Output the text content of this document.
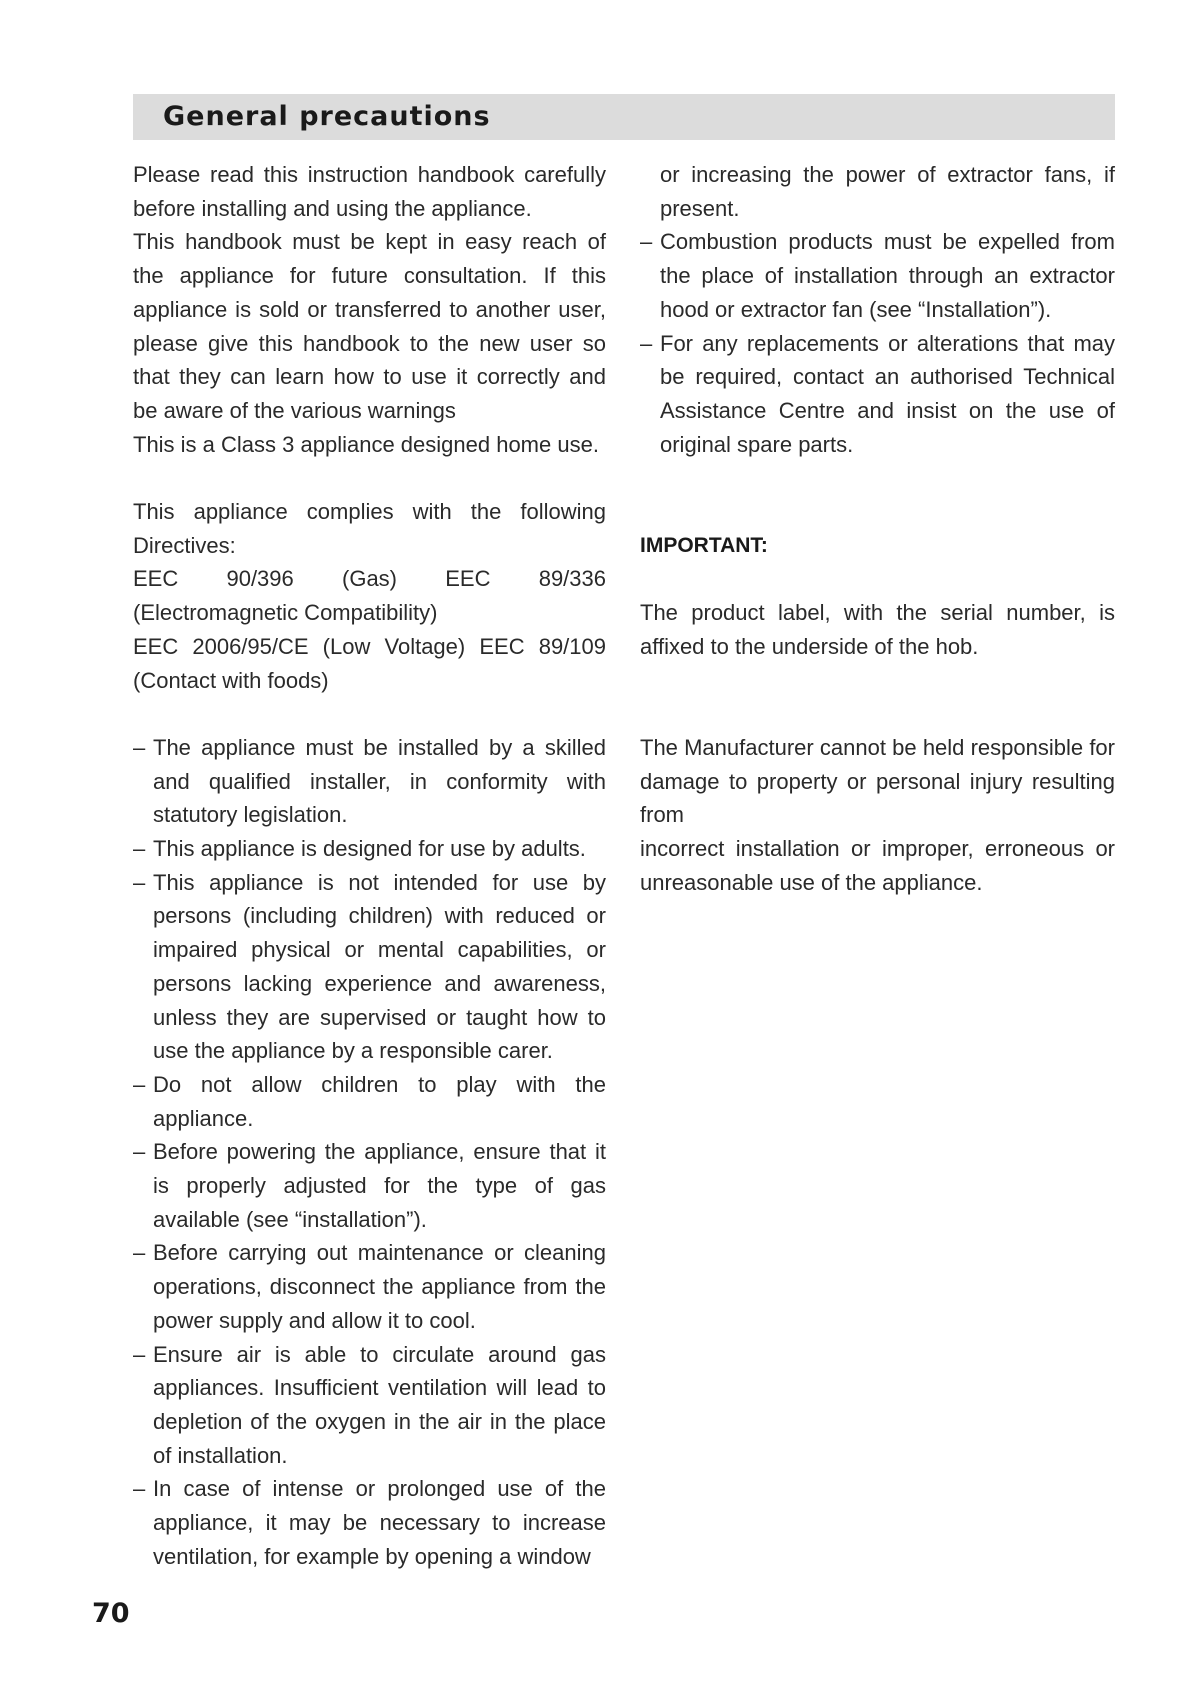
General precautions

Please read this instruction handbook carefully before installing and using the appliance.

This handbook must be kept in easy reach of the appliance for future consultation. If this appliance is sold or transferred to another user, please give this handbook to the new user so that they can learn how to use it correctly and be aware of the various warnings

This is a Class 3 appliance designed home use.

This appliance complies with the following Directives:

EEC 90/396 (Gas) EEC 89/336 (Electromagnetic Compatibility)

EEC 2006/95/CE (Low Voltage) EEC 89/109 (Contact with foods)

– The appliance must be installed by a skilled and qualified installer, in conformity with statutory legislation.

– This appliance is designed for use by adults.

– This appliance is not intended for use by persons (including children) with reduced or impaired physical or mental capabilities, or persons lacking experience and awareness, unless they are supervised or taught how to use the appliance by a responsible carer.

– Do not allow children to play with the appliance.

– Before powering the appliance, ensure that it is properly adjusted for the type of gas available (see “installation”).

– Before carrying out maintenance or cleaning operations, disconnect the appliance from the power supply and allow it to cool.

– Ensure air is able to circulate around gas appliances. Insufficient ventilation will lead to depletion of the oxygen in the air in the place of installation.

– In case of intense or prolonged use of the appliance, it may be necessary to increase ventilation, for example by opening a window

or increasing the power of extractor fans, if present.

– Combustion products must be expelled from the place of installation through an extractor hood or extractor fan (see “Installation”).

– For any replacements or alterations that may be required, contact an authorised Technical Assistance Centre and insist on the use of original spare parts.

IMPORTANT:

The product label, with the serial number, is affixed to the underside of the hob.

The Manufacturer cannot be held responsible for damage to property or personal injury resulting from

incorrect installation or improper, erroneous or unreasonable use of the appliance.

70
